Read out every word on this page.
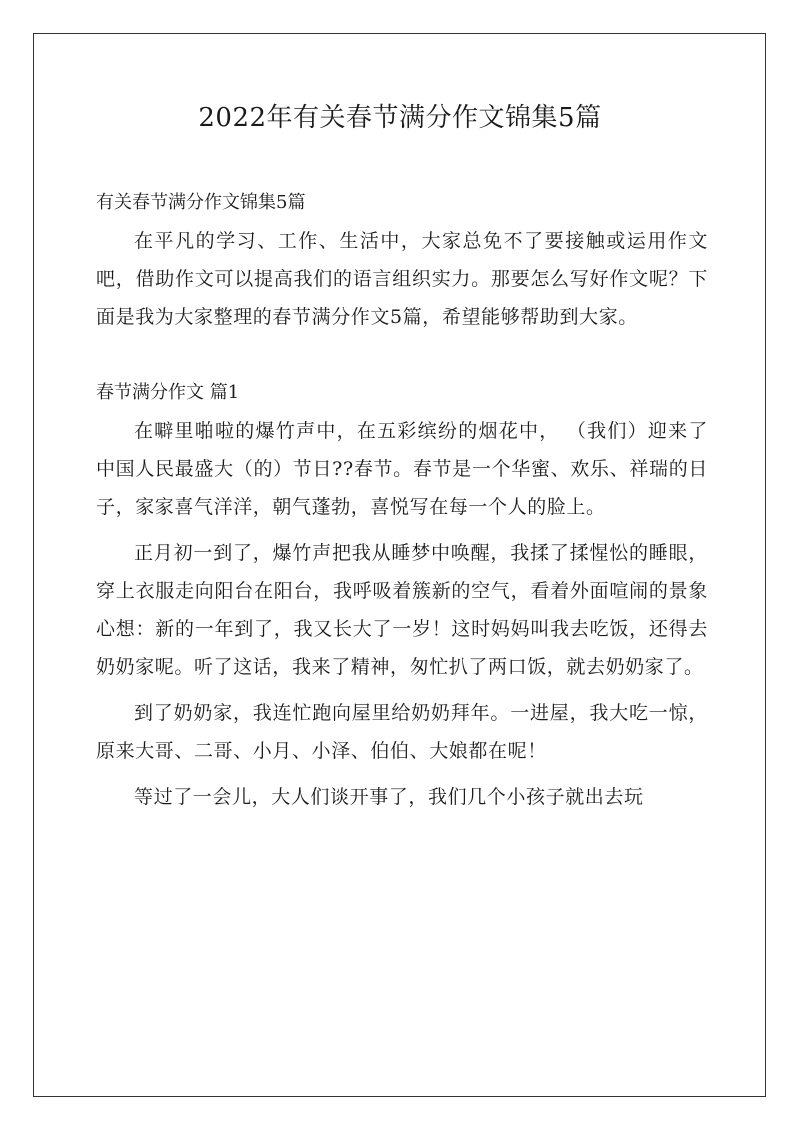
2022年有关春节满分作文锦集5篇

有关春节满分作文锦集5篇

在平凡的学习、工作、生活中，大家总免不了要接触或运用作文吧，借助作文可以提高我们的语言组织实力。那要怎么写好作文呢？下面是我为大家整理的春节满分作文5篇，希望能够帮助到大家。

春节满分作文 篇1

在噼里啪啦的爆竹声中，在五彩缤纷的烟花中， （我们）迎来了中国人民最盛大（的）节日??春节。春节是一个华蜜、欢乐、祥瑞的日子，家家喜气洋洋，朝气蓬勃，喜悦写在每一个人的脸上。

正月初一到了，爆竹声把我从睡梦中唤醒，我揉了揉惺忪的睡眼，穿上衣服走向阳台在阳台，我呼吸着簇新的空气，看着外面喧闹的景象心想：新的一年到了，我又长大了一岁！这时妈妈叫我去吃饭，还得去奶奶家呢。听了这话，我来了精神，匆忙扒了两口饭，就去奶奶家了。

到了奶奶家，我连忙跑向屋里给奶奶拜年。一进屋，我大吃一惊，原来大哥、二哥、小月、小泽、伯伯、大娘都在呢！

等过了一会儿，大人们谈开事了，我们几个小孩子就出去玩
